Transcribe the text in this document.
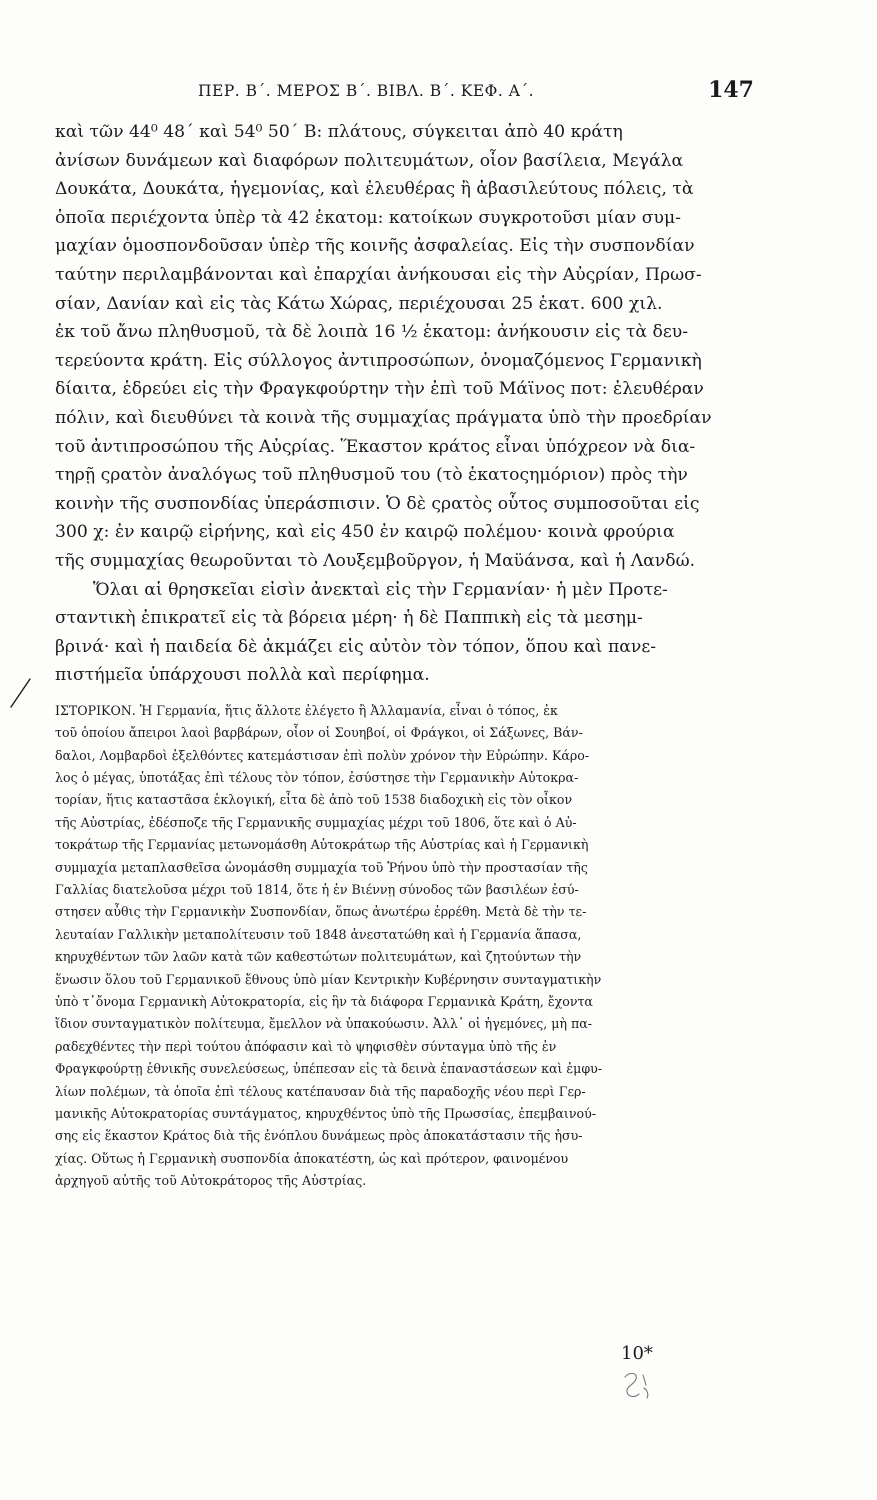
ΠΕΡ. Β΄. ΜΕΡΟΣ Β΄. ΒΙΒΛ. Β΄. ΚΕΦ. Α΄.	147
καὶ τῶν 44⁰ 48΄ καὶ 54⁰ 50΄ Β: πλάτους, σύγκειται ἀπὸ 40 κράτη
ἀνίσων δυνάμεων καὶ διαφόρων πολιτευμάτων, οἷον βασίλεια, Μεγάλα
Δουκάτα, Δουκάτα, ἡγεμονίας, καὶ ἐλευθέρας ἢ ἀβασιλεύτους πόλεις, τὰ
ὁποῖα περιέχοντα ὑπὲρ τὰ 42 ἑκατομ: κατοίκων συγκροτοῦσι μίαν συμ-
μαχίαν ὁμοσπονδοῦσαν ὑπὲρ τῆς κοινῆς ἀσφαλείας. Εἰς τὴν συσπονδίαν
ταύτην περιλαμβάνονται καὶ ἐπαρχίαι ἀνήκουσαι εἰς τὴν Αὐςρίαν, Πρωσ-
σίαν, Δανίαν καὶ εἰς τὰς Κάτω Χώρας, περιέχουσαι 25 ἑκατ. 600 χιλ.
ἐκ τοῦ ἄνω πληθυσμοῦ, τὰ δὲ λοιπὰ 16 ½ ἑκατομ: ἀνήκουσιν εἰς τὰ δευ-
τερεύοντα κράτη. Εἰς σύλλογος ἀντιπροσώπων, ὀνομαζόμενος Γερμανικὴ
δίαιτα, ἑδρεύει εἰς τὴν Φραγκφούρτην τὴν ἐπὶ τοῦ Μάϊνος ποτ: ἐλευθέραν
πόλιν, καὶ διευθύνει τὰ κοινὰ τῆς συμμαχίας πράγματα ὑπὸ τὴν προεδρίαν
τοῦ ἀντιπροσώπου τῆς Αὐςρίας. Ἕκαστον κράτος εἶναι ὑπόχρεον νὰ δια-
τηρῇ ςρατὸν ἀναλόγως τοῦ πληθυσμοῦ του (τὸ ἑκατοςημόριον) πρὸς τὴν
κοινὴν τῆς συσπονδίας ὑπεράσπισιν. Ὁ δὲ ςρατὸς οὗτος συμποσοῦται εἰς
300 χ: ἐν καιρῷ εἰρήνης, καὶ εἰς 450 ἐν καιρῷ πολέμου· κοινὰ φρούρια
τῆς συμμαχίας θεωροῦνται τὸ Λουξεμβοῦργον, ἡ Μαϋάνσα, καὶ ἡ Λανδώ.
Ὅλαι αἱ θρησκεῖαι εἰσὶν ἀνεκταὶ εἰς τὴν Γερμανίαν· ἡ μὲν Προτε-
σταντικὴ ἐπικρατεῖ εἰς τὰ βόρεια μέρη· ἡ δὲ Παππικὴ εἰς τὰ μεσημ-
βρινά· καὶ ἡ παιδεία δὲ ἀκμάζει εἰς αὐτὸν τὸν τόπον, ὅπου καὶ πανε-
πιστήμεῖα ὑπάρχουσι πολλὰ καὶ περίφημα.
ΙΣΤΟΡΙΚΟΝ. Ἡ Γερμανία, ἥτις ἄλλοτε ἐλέγετο ἢ Ἀλλαμανία, εἶναι ὁ τόπος, ἐκ
τοῦ ὁποίου ἄπειροι λαοὶ βαρβάρων, οἷον οἱ Σουηβοί, οἱ Φράγκοι, οἱ Σάξωνες, Βάν-
δαλοι, Λομβαρδοὶ ἐξελθόντες κατεμάστισαν ἐπὶ πολὺν χρόνον τὴν Εὐρώπην. Κάρο-
λος ὁ μέγας, ὑποτάξας ἐπὶ τέλους τὸν τόπον, ἐσύστησε τὴν Γερμανικὴν Αὐτοκρα-
τορίαν, ἥτις καταστᾶσα ἐκλογική, εἶτα δὲ ἀπὸ τοῦ 1538 διαδοχικὴ εἰς τὸν οἶκον
τῆς Αὐστρίας, ἐδέσποζε τῆς Γερμανικῆς συμμαχίας μέχρι τοῦ 1806, ὅτε καὶ ὁ Αὐ-
τοκράτωρ τῆς Γερμανίας μετωνομάσθη Αὐτοκράτωρ τῆς Αὐστρίας καὶ ἡ Γερμανικὴ
συμμαχία μεταπλασθεῖσα ὠνομάσθη συμμαχία τοῦ Ῥήνου ὑπὸ τὴν προστασίαν τῆς
Γαλλίας διατελοῦσα μέχρι τοῦ 1814, ὅτε ἡ ἐν Βιέννῃ σύνοδος τῶν βασιλέων ἐσύ-
στησεν αὖθις τὴν Γερμανικὴν Συσπονδίαν, ὅπως ἀνωτέρω ἐρρέθη. Μετὰ δὲ τὴν τε-
λευταίαν Γαλλικὴν μεταπολίτευσιν τοῦ 1848 ἀνεστατώθη καὶ ἡ Γερμανία ἅπασα,
κηρυχθέντων τῶν λαῶν κατὰ τῶν καθεστώτων πολιτευμάτων, καὶ ζητούντων τὴν
ἕνωσιν ὅλου τοῦ Γερμανικοῦ ἔθνους ὑπὸ μίαν Κεντρικὴν Κυβέρνησιν συνταγματικὴν
ὑπὸ τ᾽ὄνομα Γερμανικὴ Αὐτοκρατορία, εἰς ἣν τὰ διάφορα Γερμανικὰ Κράτη, ἔχοντα
ἴδιον συνταγματικὸν πολίτευμα, ἔμελλον νὰ ὑπακούωσιν. Ἀλλ᾽ οἱ ἡγεμόνες, μὴ πα-
ραδεχθέντες τὴν περὶ τούτου ἀπόφασιν καὶ τὸ ψηφισθὲν σύνταγμα ὑπὸ τῆς ἐν
Φραγκφούρτῃ ἐθνικῆς συνελεύσεως, ὑπέπεσαν εἰς τὰ δεινὰ ἐπαναστάσεων καὶ ἐμφυ-
λίων πολέμων, τὰ ὁποῖα ἐπὶ τέλους κατέπαυσαν διὰ τῆς παραδοχῆς νέου περὶ Γερ-
μανικῆς Αὐτοκρατορίας συντάγματος, κηρυχθέντος ὑπὸ τῆς Πρωσσίας, ἐπεμβαινού-
σης εἰς ἕκαστον Κράτος διὰ τῆς ἐνόπλου δυνάμεως πρὸς ἀποκατάστασιν τῆς ἡσυ-
χίας. Οὕτως ἡ Γερμανικὴ συσπονδία ἀποκατέστη, ὡς καὶ πρότερον, φαινομένου
ἀρχηγοῦ αὐτῆς τοῦ Αὐτοκράτορος τῆς Αὐστρίας.
10*
